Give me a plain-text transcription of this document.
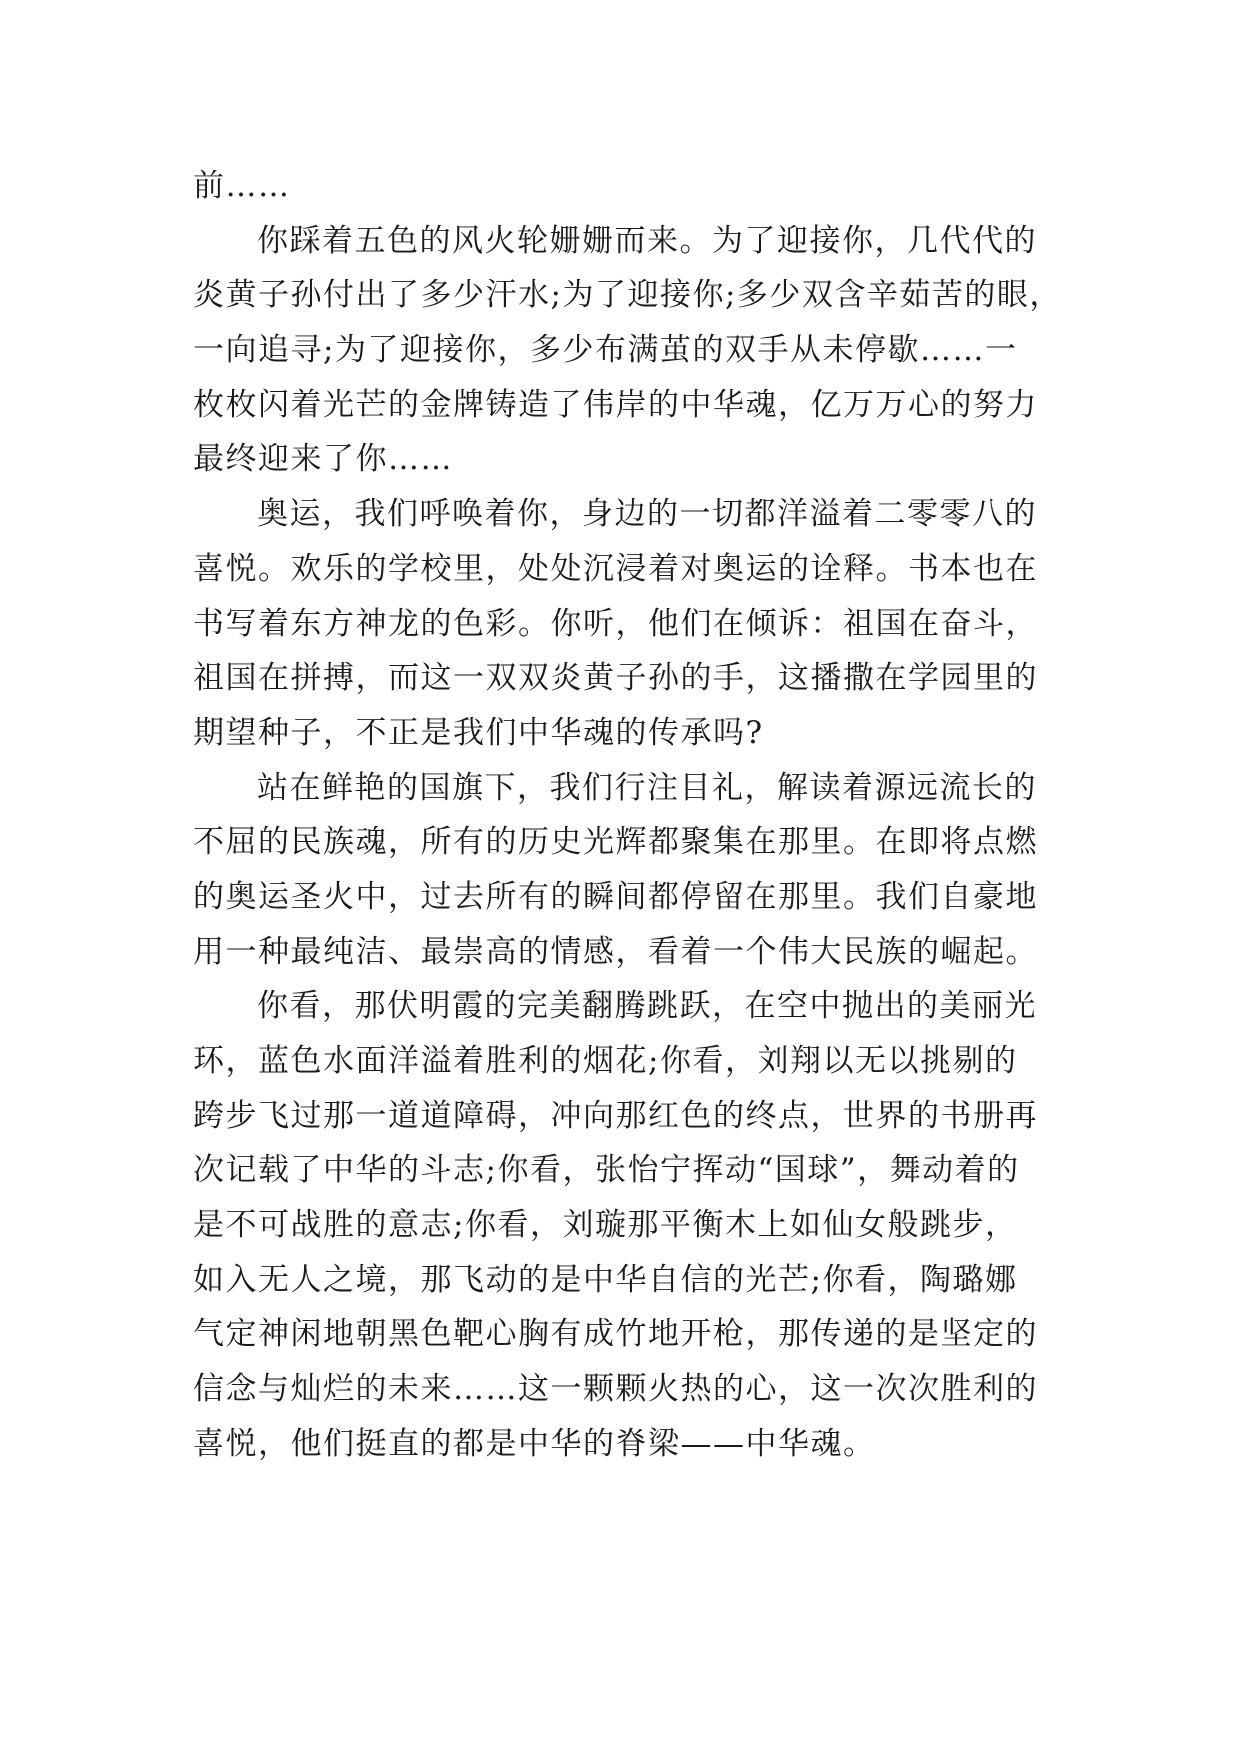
前……
你踩着五色的风火轮姗姗而来。为了迎接你，几代代的
炎黄子孙付出了多少汗水;为了迎接你;多少双含辛茹苦的眼，
一向追寻;为了迎接你，多少布满茧的双手从未停歇……一
枚枚闪着光芒的金牌铸造了伟岸的中华魂，亿万万心的努力
最终迎来了你……
奥运，我们呼唤着你，身边的一切都洋溢着二零零八的
喜悦。欢乐的学校里，处处沉浸着对奥运的诠释。书本也在
书写着东方神龙的色彩。你听，他们在倾诉：祖国在奋斗，
祖国在拼搏，而这一双双炎黄子孙的手，这播撒在学园里的
期望种子，不正是我们中华魂的传承吗?
站在鲜艳的国旗下，我们行注目礼，解读着源远流长的
不屈的民族魂，所有的历史光辉都聚集在那里。在即将点燃
的奥运圣火中，过去所有的瞬间都停留在那里。我们自豪地
用一种最纯洁、最崇高的情感，看着一个伟大民族的崛起。
你看，那伏明霞的完美翻腾跳跃，在空中抛出的美丽光
环，蓝色水面洋溢着胜利的烟花;你看，刘翔以无以挑剔的
跨步飞过那一道道障碍，冲向那红色的终点，世界的书册再
次记载了中华的斗志;你看，张怡宁挥动“国球”，舞动着的
是不可战胜的意志;你看，刘璇那平衡木上如仙女般跳步，
如入无人之境，那飞动的是中华自信的光芒;你看，陶璐娜
气定神闲地朝黑色靶心胸有成竹地开枪，那传递的是坚定的
信念与灿烂的未来……这一颗颗火热的心，这一次次胜利的
喜悦，他们挺直的都是中华的脊梁——中华魂。
